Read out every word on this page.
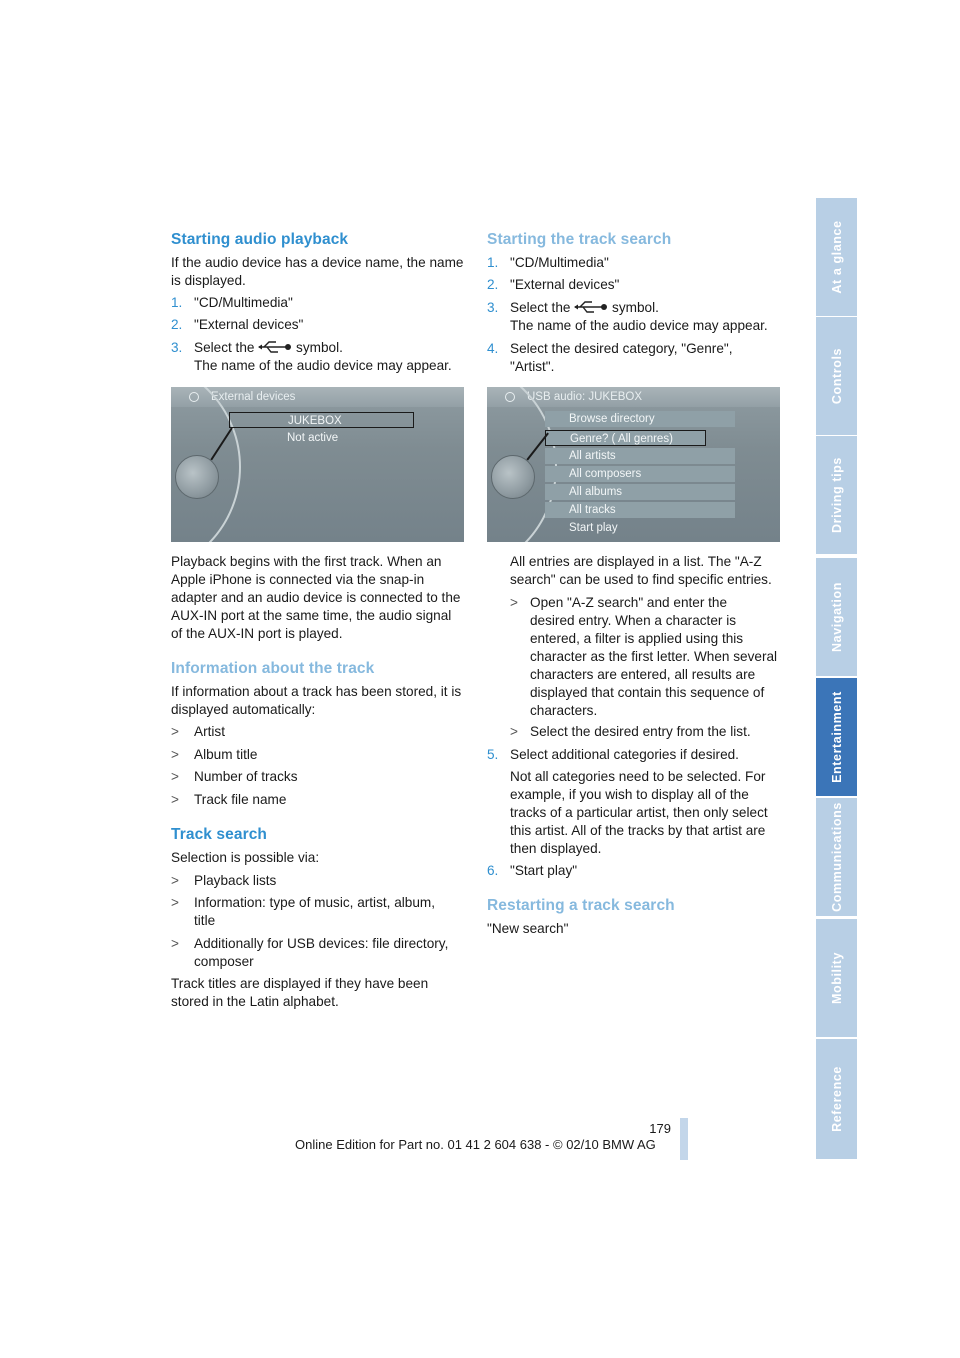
Starting audio playback

If the audio device has a device name, the name

is displayed.

1. "CD/Multimedia"
2. "External devices"
3. Select the	symbol.
The name of the audio device may appear.
External devices
JUKEBOX
Not active

Playback begins with the first track. When an

Apple iPhone is connected via the snap-in

adapter and an audio device is connected to the

AUX-IN port at the same time, the audio signal

of the AUX-IN port is played.

Information about the track

If information about a track has been stored, it is

displayed automatically:

> Artist
> Album title
> Number of tracks
> Track file name
Track search

Selection is possible via:

> Playback lists
> Information: type of music, artist, album,
title
> Additionally for USB devices: file directory,
composer

Track titles are displayed if they have been

stored in the Latin alphabet.

Starting the track search
1. "CD/Multimedia"
2. "External devices"
3. Select the	symbol.
The name of the audio device may appear.
4. Select the desired category, "Genre",
"Artist".
USB audio: JUKEBOX
Browse directory
Genre? ( All genres)
All artists
All composers
All albums
All tracks
Start play

All entries are displayed in a list. The "A-Z

search" can be used to find specific entries.

> Open "A-Z search" and enter the
desired entry. When a character is
entered, a filter is applied using this
character as the first letter. When several
characters are entered, all results are
displayed that contain this sequence of
characters.
> Select the desired entry from the list.
5. Select additional categories if desired.

Not all categories need to be selected. For

example, if you wish to display all of the

tracks of a particular artist, then only select

this artist. All of the tracks by that artist are

then displayed.

6. "Start play"
Restarting a track search

"New search"

At a glance
Controls
Driving tips
Navigation
Entertainment
Communications
Mobility
Reference
179
Online Edition for Part no. 01 41 2 604 638 - © 02/10 BMW AG
